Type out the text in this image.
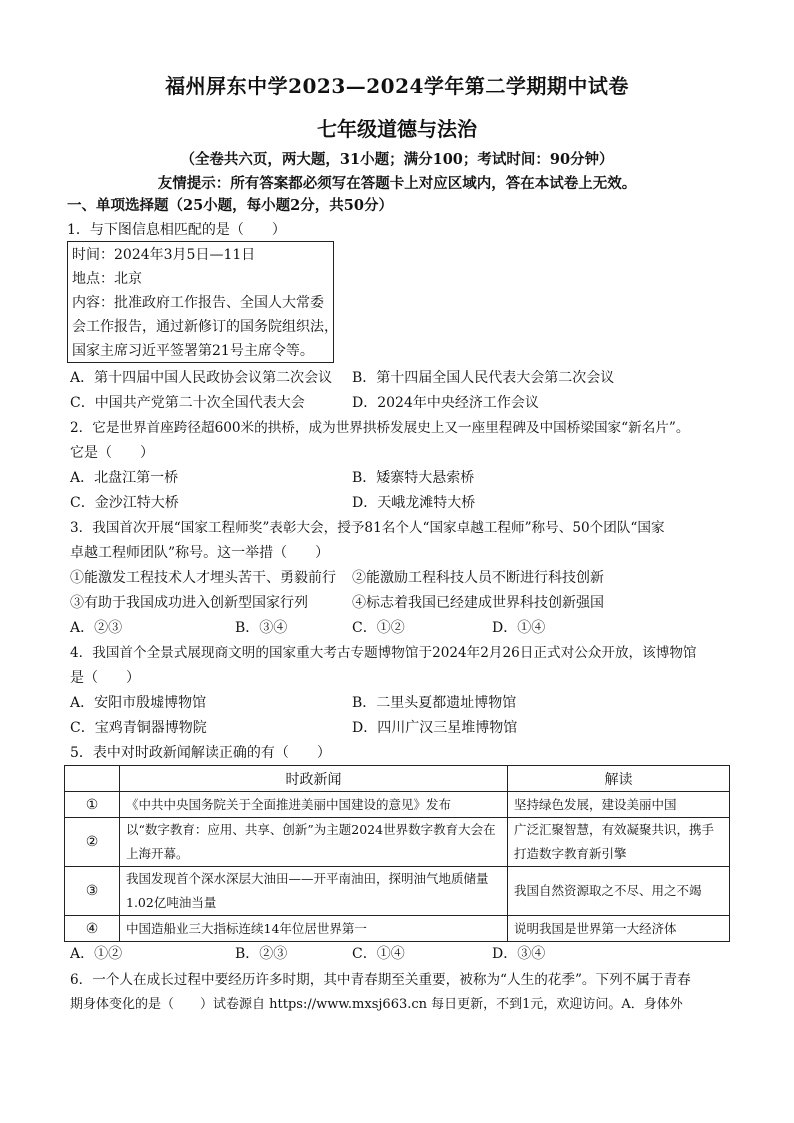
福州屏东中学2023—2024学年第二学期期中试卷
七年级道德与法治
（全卷共六页，两大题，31小题；满分100；考试时间：90分钟）
友情提示：所有答案都必须写在答题卡上对应区域内，答在本试卷上无效。
一、单项选择题（25小题，每小题2分，共50分）
1．与下图信息相匹配的是（　　）
时间：2024年3月5日—11日
地点：北京
内容：批准政府工作报告、全国人大常委
会工作报告，通过新修订的国务院组织法，
国家主席习近平签署第21号主席令等。
A．第十四届中国人民政协会议第二次会议 B．第十四届全国人民代表大会第二次会议
C．中国共产党第二十次全国代表大会	D．2024年中央经济工作会议
2．它是世界首座跨径超600米的拱桥，成为世界拱桥发展史上又一座里程碑及中国桥梁国家“新名片”。
它是（　　）
A．北盘江第一桥	B．矮寨特大悬索桥
C．金沙江特大桥	D．天峨龙滩特大桥
3．我国首次开展“国家工程师奖”表彰大会，授予81名个人“国家卓越工程师”称号、50个团队“国家
卓越工程师团队”称号。这一举措（　　）
①能激发工程技术人才埋头苦干、勇毅前行 ②能激励工程科技人员不断进行科技创新
③有助于我国成功进入创新型国家行列	④标志着我国已经建成世界科技创新强国
A．②③	B．③④	C．①②	D．①④
4．我国首个全景式展现商文明的国家重大考古专题博物馆于2024年2月26日正式对公众开放，该博物馆
是（　　）
A．安阳市殷墟博物馆	B．二里头夏都遗址博物馆
C．宝鸡青铜器博物院	D．四川广汉三星堆博物馆
5．表中对时政新闻解读正确的有（　　）
	时政新闻	解读
①	《中共中央国务院关于全面推进美丽中国建设的意见》发布	坚持绿色发展，建设美丽中国
②	以“数字教育：应用、共享、创新”为主题2024世界数字教育大会在上海开幕。	广泛汇聚智慧，有效凝聚共识，携手打造数字教育新引擎
③	我国发现首个深水深层大油田——开平南油田，探明油气地质储量1.02亿吨油当量	我国自然资源取之不尽、用之不竭
④	中国造船业三大指标连续14年位居世界第一	说明我国是世界第一大经济体
A．①②	B．②③	C．①④	D．③④
6．一个人在成长过程中要经历许多时期，其中青春期至关重要，被称为“人生的花季”。下列不属于青春
期身体变化的是（　　）试卷源自 https://www.mxsj663.cn 每日更新，不到1元，欢迎访问。A．身体外
